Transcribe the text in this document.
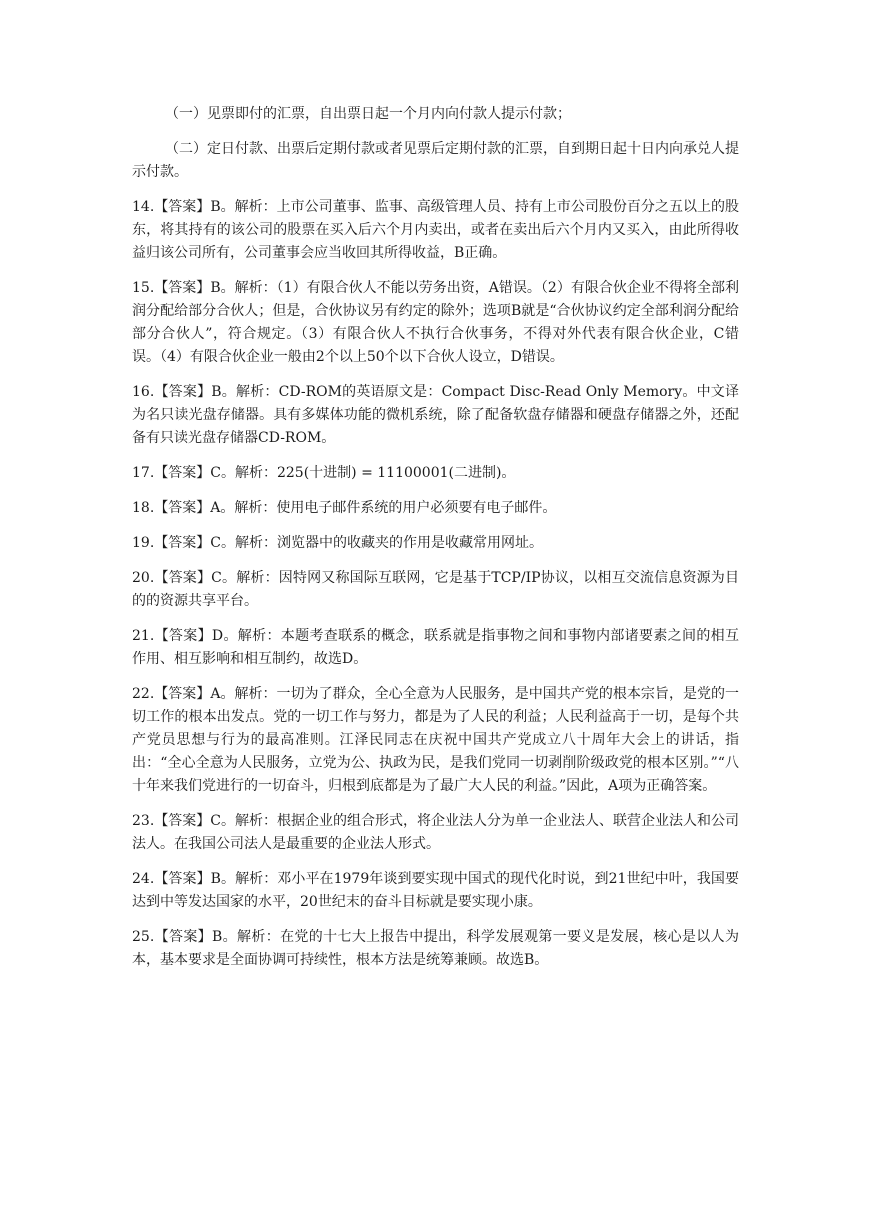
（一）见票即付的汇票，自出票日起一个月内向付款人提示付款；

（二）定日付款、出票后定期付款或者见票后定期付款的汇票，自到期日起十日内向承兑人提示付款。

14.【答案】B。解析：上市公司董事、监事、高级管理人员、持有上市公司股份百分之五以上的股东，将其持有的该公司的股票在买入后六个月内卖出，或者在卖出后六个月内又买入，由此所得收益归该公司所有，公司董事会应当收回其所得收益，B正确。

15.【答案】B。解析：（1）有限合伙人不能以劳务出资，A错误。（2）有限合伙企业不得将全部利润分配给部分合伙人；但是，合伙协议另有约定的除外；选项B就是“合伙协议约定全部利润分配给部分合伙人”，符合规定。（3）有限合伙人不执行合伙事务，不得对外代表有限合伙企业，C错误。（4）有限合伙企业一般由2个以上50个以下合伙人设立，D错误。

16.【答案】B。解析：CD-ROM的英语原文是：Compact Disc-Read Only Memory。中文译为名只读光盘存储器。具有多媒体功能的微机系统，除了配备软盘存储器和硬盘存储器之外，还配备有只读光盘存储器CD-ROM。

17.【答案】C。解析：225(十进制) = 11100001(二进制)。

18.【答案】A。解析：使用电子邮件系统的用户必须要有电子邮件。

19.【答案】C。解析：浏览器中的收藏夹的作用是收藏常用网址。

20.【答案】C。解析：因特网又称国际互联网，它是基于TCP/IP协议，以相互交流信息资源为目的的资源共享平台。

21.【答案】D。解析：本题考查联系的概念，联系就是指事物之间和事物内部诸要素之间的相互作用、相互影响和相互制约，故选D。

22.【答案】A。解析：一切为了群众，全心全意为人民服务，是中国共产党的根本宗旨，是党的一切工作的根本出发点。党的一切工作与努力，都是为了人民的利益；人民利益高于一切，是每个共产党员思想与行为的最高准则。江泽民同志在庆祝中国共产党成立八十周年大会上的讲话，指出：“全心全意为人民服务，立党为公、执政为民，是我们党同一切剥削阶级政党的根本区别。”“八十年来我们党进行的一切奋斗，归根到底都是为了最广大人民的利益。”因此，A项为正确答案。

23.【答案】C。解析：根据企业的组合形式，将企业法人分为单一企业法人、联营企业法人和公司法人。在我国公司法人是最重要的企业法人形式。

24.【答案】B。解析：邓小平在1979年谈到要实现中国式的现代化时说，到21世纪中叶，我国要达到中等发达国家的水平，20世纪末的奋斗目标就是要实现小康。

25.【答案】B。解析：在党的十七大上报告中提出，科学发展观第一要义是发展，核心是以人为本，基本要求是全面协调可持续性，根本方法是统筹兼顾。故选B。
